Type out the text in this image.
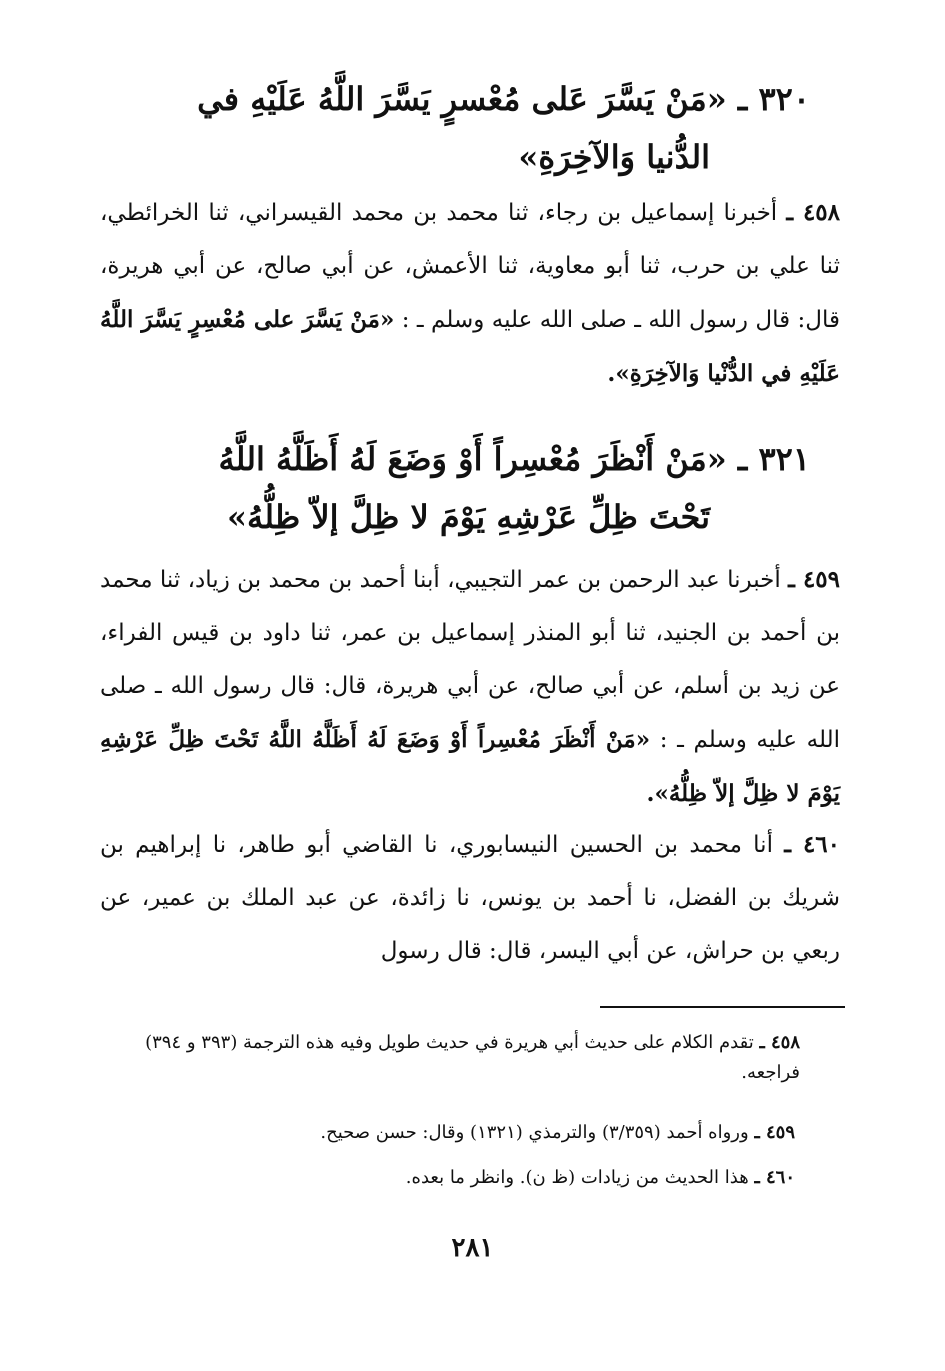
٣٢٠ ـ «مَنْ يَسَّرَ عَلى مُعْسرٍ يَسَّرَ اللَّهُ عَلَيْهِ في
الدُّنيا وَالآخِرَةِ»
٤٥٨ ـ أخبرنا إسماعيل بن رجاء، ثنا محمد بن محمد القيسراني، ثنا الخرائطي، ثنا علي بن حرب، ثنا أبو معاوية، ثنا الأعمش، عن أبي صالح، عن أبي هريرة، قال: قال رسول الله ـ صلى الله عليه وسلم ـ : «مَنْ يَسَّرَ على مُعْسِرٍ يَسَّرَ اللَّهُ عَلَيْهِ في الدُّنْيا وَالآخِرَةِ».
٣٢١ ـ «مَنْ أَنْظَرَ مُعْسِراً أَوْ وَضَعَ لَهُ أَظَلَّهُ اللَّهُ
تَحْتَ ظِلِّ عَرْشِهِ يَوْمَ لا ظِلَّ إلاّ ظِلُّهُ»
٤٥٩ ـ أخبرنا عبد الرحمن بن عمر التجيبي، أبنا أحمد بن محمد بن زياد، ثنا محمد بن أحمد بن الجنيد، ثنا أبو المنذر إسماعيل بن عمر، ثنا داود بن قيس الفراء، عن زيد بن أسلم، عن أبي صالح، عن أبي هريرة، قال: قال رسول الله ـ صلى الله عليه وسلم ـ : «مَنْ أَنْظَرَ مُعْسِراً أَوْ وَضَعَ لَهُ أَظَلَّهُ اللَّهُ تَحْتَ ظِلِّ عَرْشِهِ يَوْمَ لا ظِلَّ إلاّ ظِلُّهُ».
٤٦٠ ـ أنا محمد بن الحسين النيسابوري، نا القاضي أبو طاهر، نا إبراهيم بن شريك بن الفضل، نا أحمد بن يونس، نا زائدة، عن عبد الملك بن عمير، عن ربعي بن حراش، عن أبي اليسر، قال: قال رسول
٤٥٨ ـ تقدم الكلام على حديث أبي هريرة في حديث طويل وفيه هذه الترجمة (٣٩٣ و ٣٩٤) فراجعه.
٤٥٩ ـ ورواه أحمد (٣/٣٥٩) والترمذي (١٣٢١) وقال: حسن صحيح.
٤٦٠ ـ هذا الحديث من زيادات (ظ ن). وانظر ما بعده.
٢٨١
